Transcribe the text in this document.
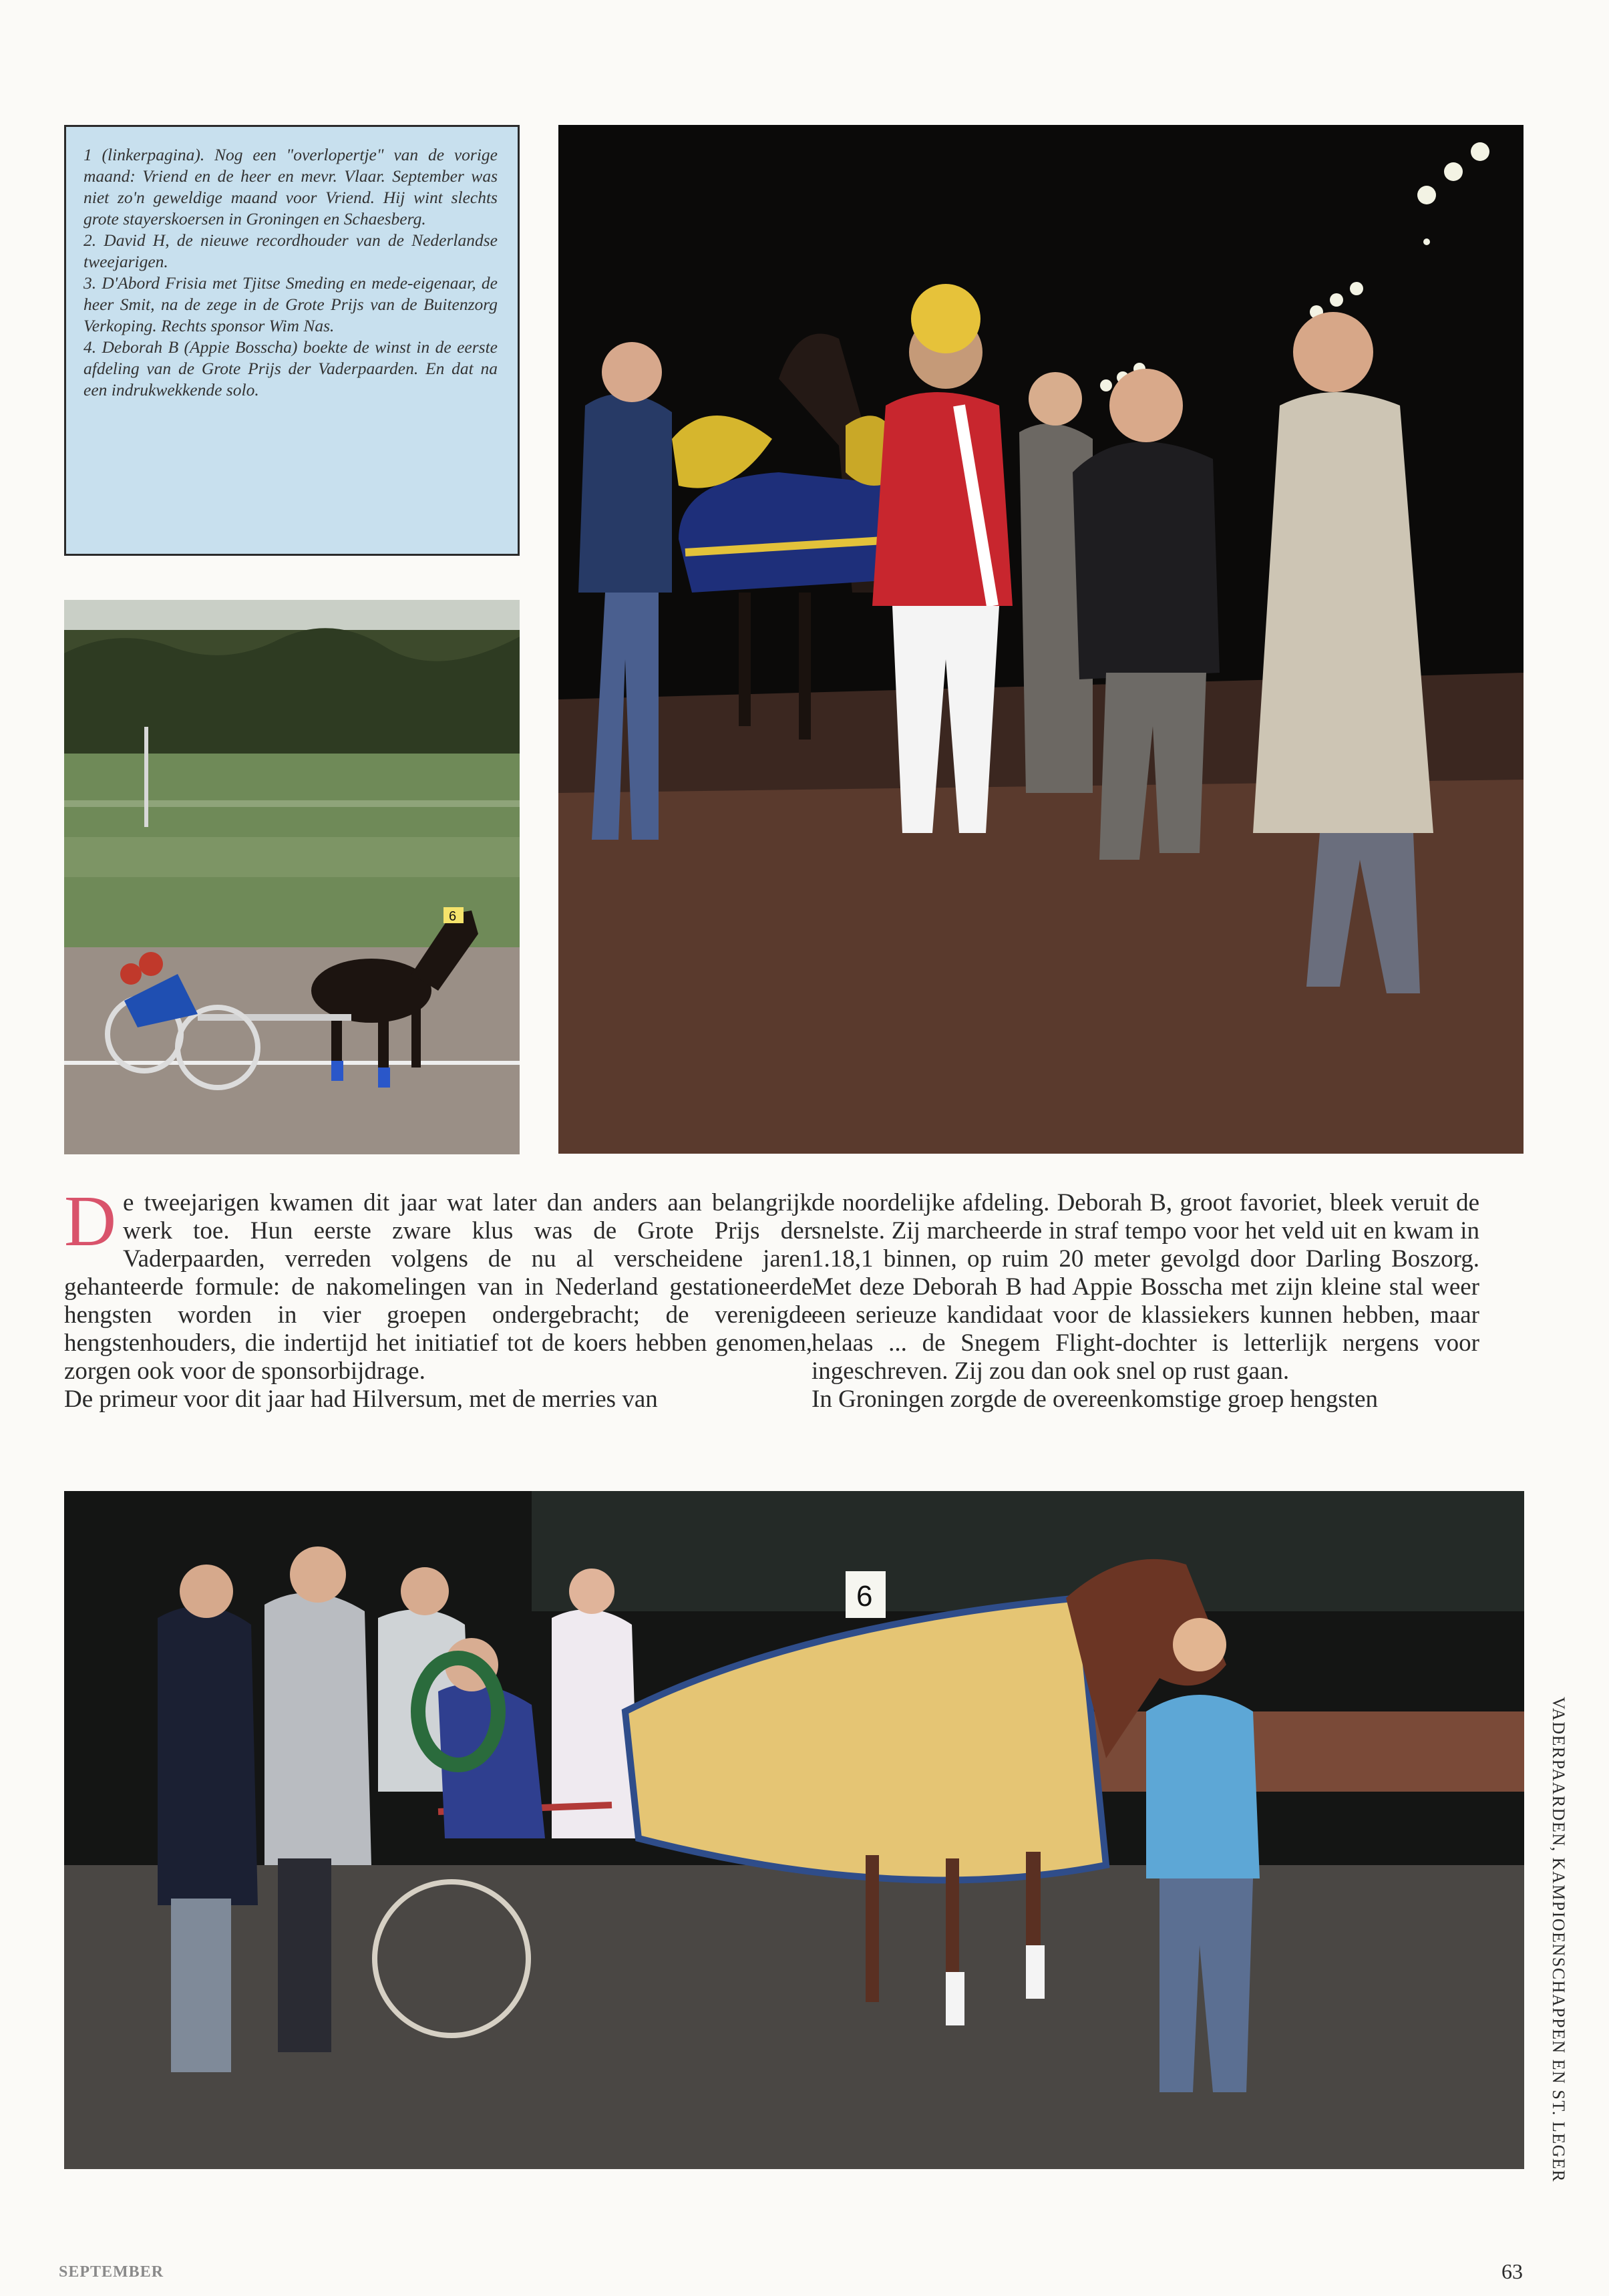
1 (linkerpagina). Nog een "overlopertje" van de vorige maand: Vriend en de heer en mevr. Vlaar. September was niet zo'n geweldige maand voor Vriend. Hij wint slechts grote stayerskoersen in Groningen en Schaesberg.

2. David H, de nieuwe recordhouder van de Nederlandse tweejarigen.

3. D'Abord Frisia met Tjitse Smeding en mede-eigenaar, de heer Smit, na de zege in de Grote Prijs van de Buitenzorg Verkoping. Rechts sponsor Wim Nas.

4. Deborah B (Appie Bosscha) boekte de winst in de eerste afdeling van de Grote Prijs der Vaderpaarden. En dat na een indrukwekkende solo.

6

De tweejarigen kwamen dit jaar wat later dan anders aan belangrijk werk toe. Hun eerste zware klus was de Grote Prijs der Vaderpaarden, verreden volgens de nu al verscheidene jaren gehanteerde formule: de nakomelingen van in Nederland gestationeerde hengsten worden in vier groepen ondergebracht; de verenigde hengstenhouders, die indertijd het initiatief tot de koers hebben genomen, zorgen ook voor de sponsorbijdrage.

De primeur voor dit jaar had Hilversum, met de merries van

de noordelijke afdeling. Deborah B, groot favoriet, bleek veruit de snelste. Zij marcheerde in straf tempo voor het veld uit en kwam in 1.18,1 binnen, op ruim 20 meter gevolgd door Darling Boszorg. Met deze Deborah B had Appie Bosscha met zijn kleine stal weer een serieuze kandidaat voor de klassiekers kunnen hebben, maar helaas ... de Snegem Flight-dochter is letterlijk nergens voor ingeschreven. Zij zou dan ook snel op rust gaan.

In Groningen zorgde de overeenkomstige groep hengsten

6
VADERPAARDEN, KAMPIOENSCHAPPEN EN ST. LEGER
SEPTEMBER	63
